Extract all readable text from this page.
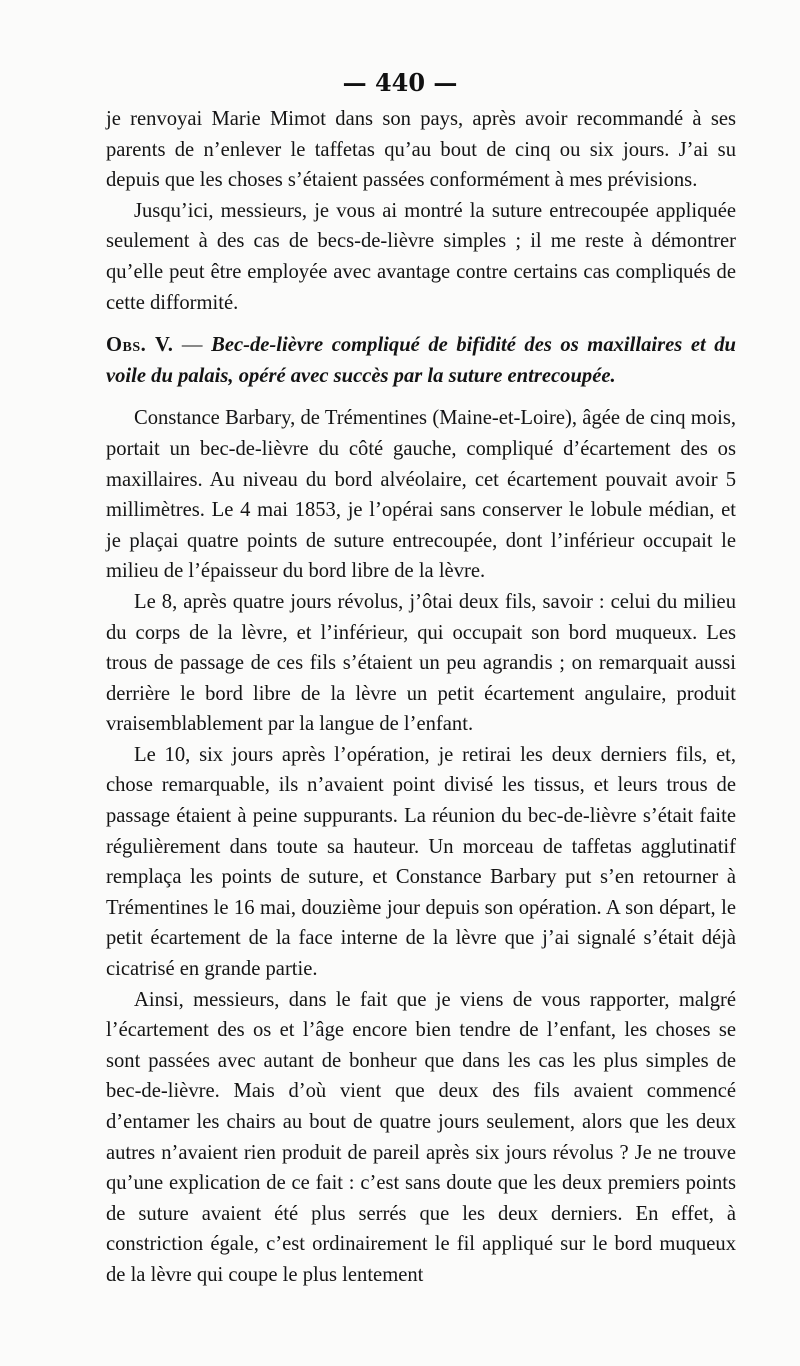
— 440 —

je renvoyai Marie Mimot dans son pays, après avoir recommandé à ses parents de n’enlever le taffetas qu’au bout de cinq ou six jours. J’ai su depuis que les choses s’étaient passées conformément à mes prévisions.

Jusqu’ici, messieurs, je vous ai montré la suture entrecoupée appliquée seulement à des cas de becs-de-lièvre simples ; il me reste à démontrer qu’elle peut être employée avec avantage contre certains cas compliqués de cette difformité.

Obs. V. — Bec-de-lièvre compliqué de bifidité des os maxillaires et du voile du palais, opéré avec succès par la suture entrecoupée.

Constance Barbary, de Trémentines (Maine-et-Loire), âgée de cinq mois, portait un bec-de-lièvre du côté gauche, compliqué d’écartement des os maxillaires. Au niveau du bord alvéolaire, cet écartement pouvait avoir 5 millimètres. Le 4 mai 1853, je l’opérai sans conserver le lobule médian, et je plaçai quatre points de suture entrecoupée, dont l’inférieur occupait le milieu de l’épaisseur du bord libre de la lèvre.

Le 8, après quatre jours révolus, j’ôtai deux fils, savoir : celui du milieu du corps de la lèvre, et l’inférieur, qui occupait son bord muqueux. Les trous de passage de ces fils s’étaient un peu agrandis ; on remarquait aussi derrière le bord libre de la lèvre un petit écartement angulaire, produit vraisemblablement par la langue de l’enfant.

Le 10, six jours après l’opération, je retirai les deux derniers fils, et, chose remarquable, ils n’avaient point divisé les tissus, et leurs trous de passage étaient à peine suppurants. La réunion du bec-de-lièvre s’était faite régulièrement dans toute sa hauteur. Un morceau de taffetas agglutinatif remplaça les points de suture, et Constance Barbary put s’en retourner à Trémentines le 16 mai, douzième jour depuis son opération. A son départ, le petit écartement de la face interne de la lèvre que j’ai signalé s’était déjà cicatrisé en grande partie.

Ainsi, messieurs, dans le fait que je viens de vous rapporter, malgré l’écartement des os et l’âge encore bien tendre de l’enfant, les choses se sont passées avec autant de bonheur que dans les cas les plus simples de bec-de-lièvre. Mais d’où vient que deux des fils avaient commencé d’entamer les chairs au bout de quatre jours seulement, alors que les deux autres n’avaient rien produit de pareil après six jours révolus ? Je ne trouve qu’une explication de ce fait : c’est sans doute que les deux premiers points de suture avaient été plus serrés que les deux derniers. En effet, à constriction égale, c’est ordinairement le fil appliqué sur le bord muqueux de la lèvre qui coupe le plus lentement
